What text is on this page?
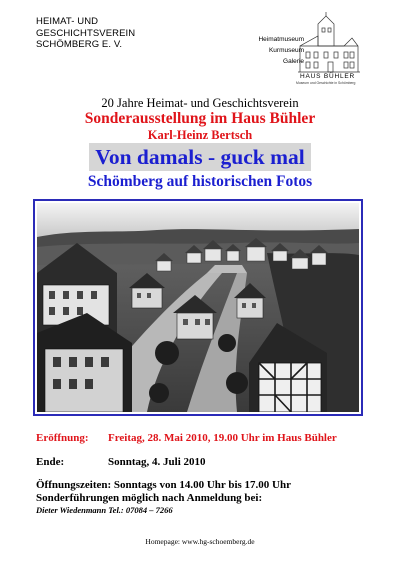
HEIMAT- UND
GESCHICHTSVEREIN
SCHÖMBERG E. V.	Heimatmuseum
Kurmuseum
Galerie
HAUS BÜHLER
Museum und Geschichte in Schömberg
20 Jahre Heimat- und Geschichtsverein
Sonderausstellung im Haus Bühler
Karl-Heinz Bertsch
Von damals - guck mal
Schömberg auf historischen Fotos
Eröffnung: Freitag, 28. Mai 2010, 19.00 Uhr im Haus Bühler
Ende:	Sonntag, 4. Juli 2010
Öffnungszeiten: Sonntags von 14.00 Uhr bis 17.00 Uhr
Sonderführungen möglich nach Anmeldung bei:
Dieter Wiedenmann Tel.: 07084 – 7266
Homepage: www.hg-schoemberg.de
